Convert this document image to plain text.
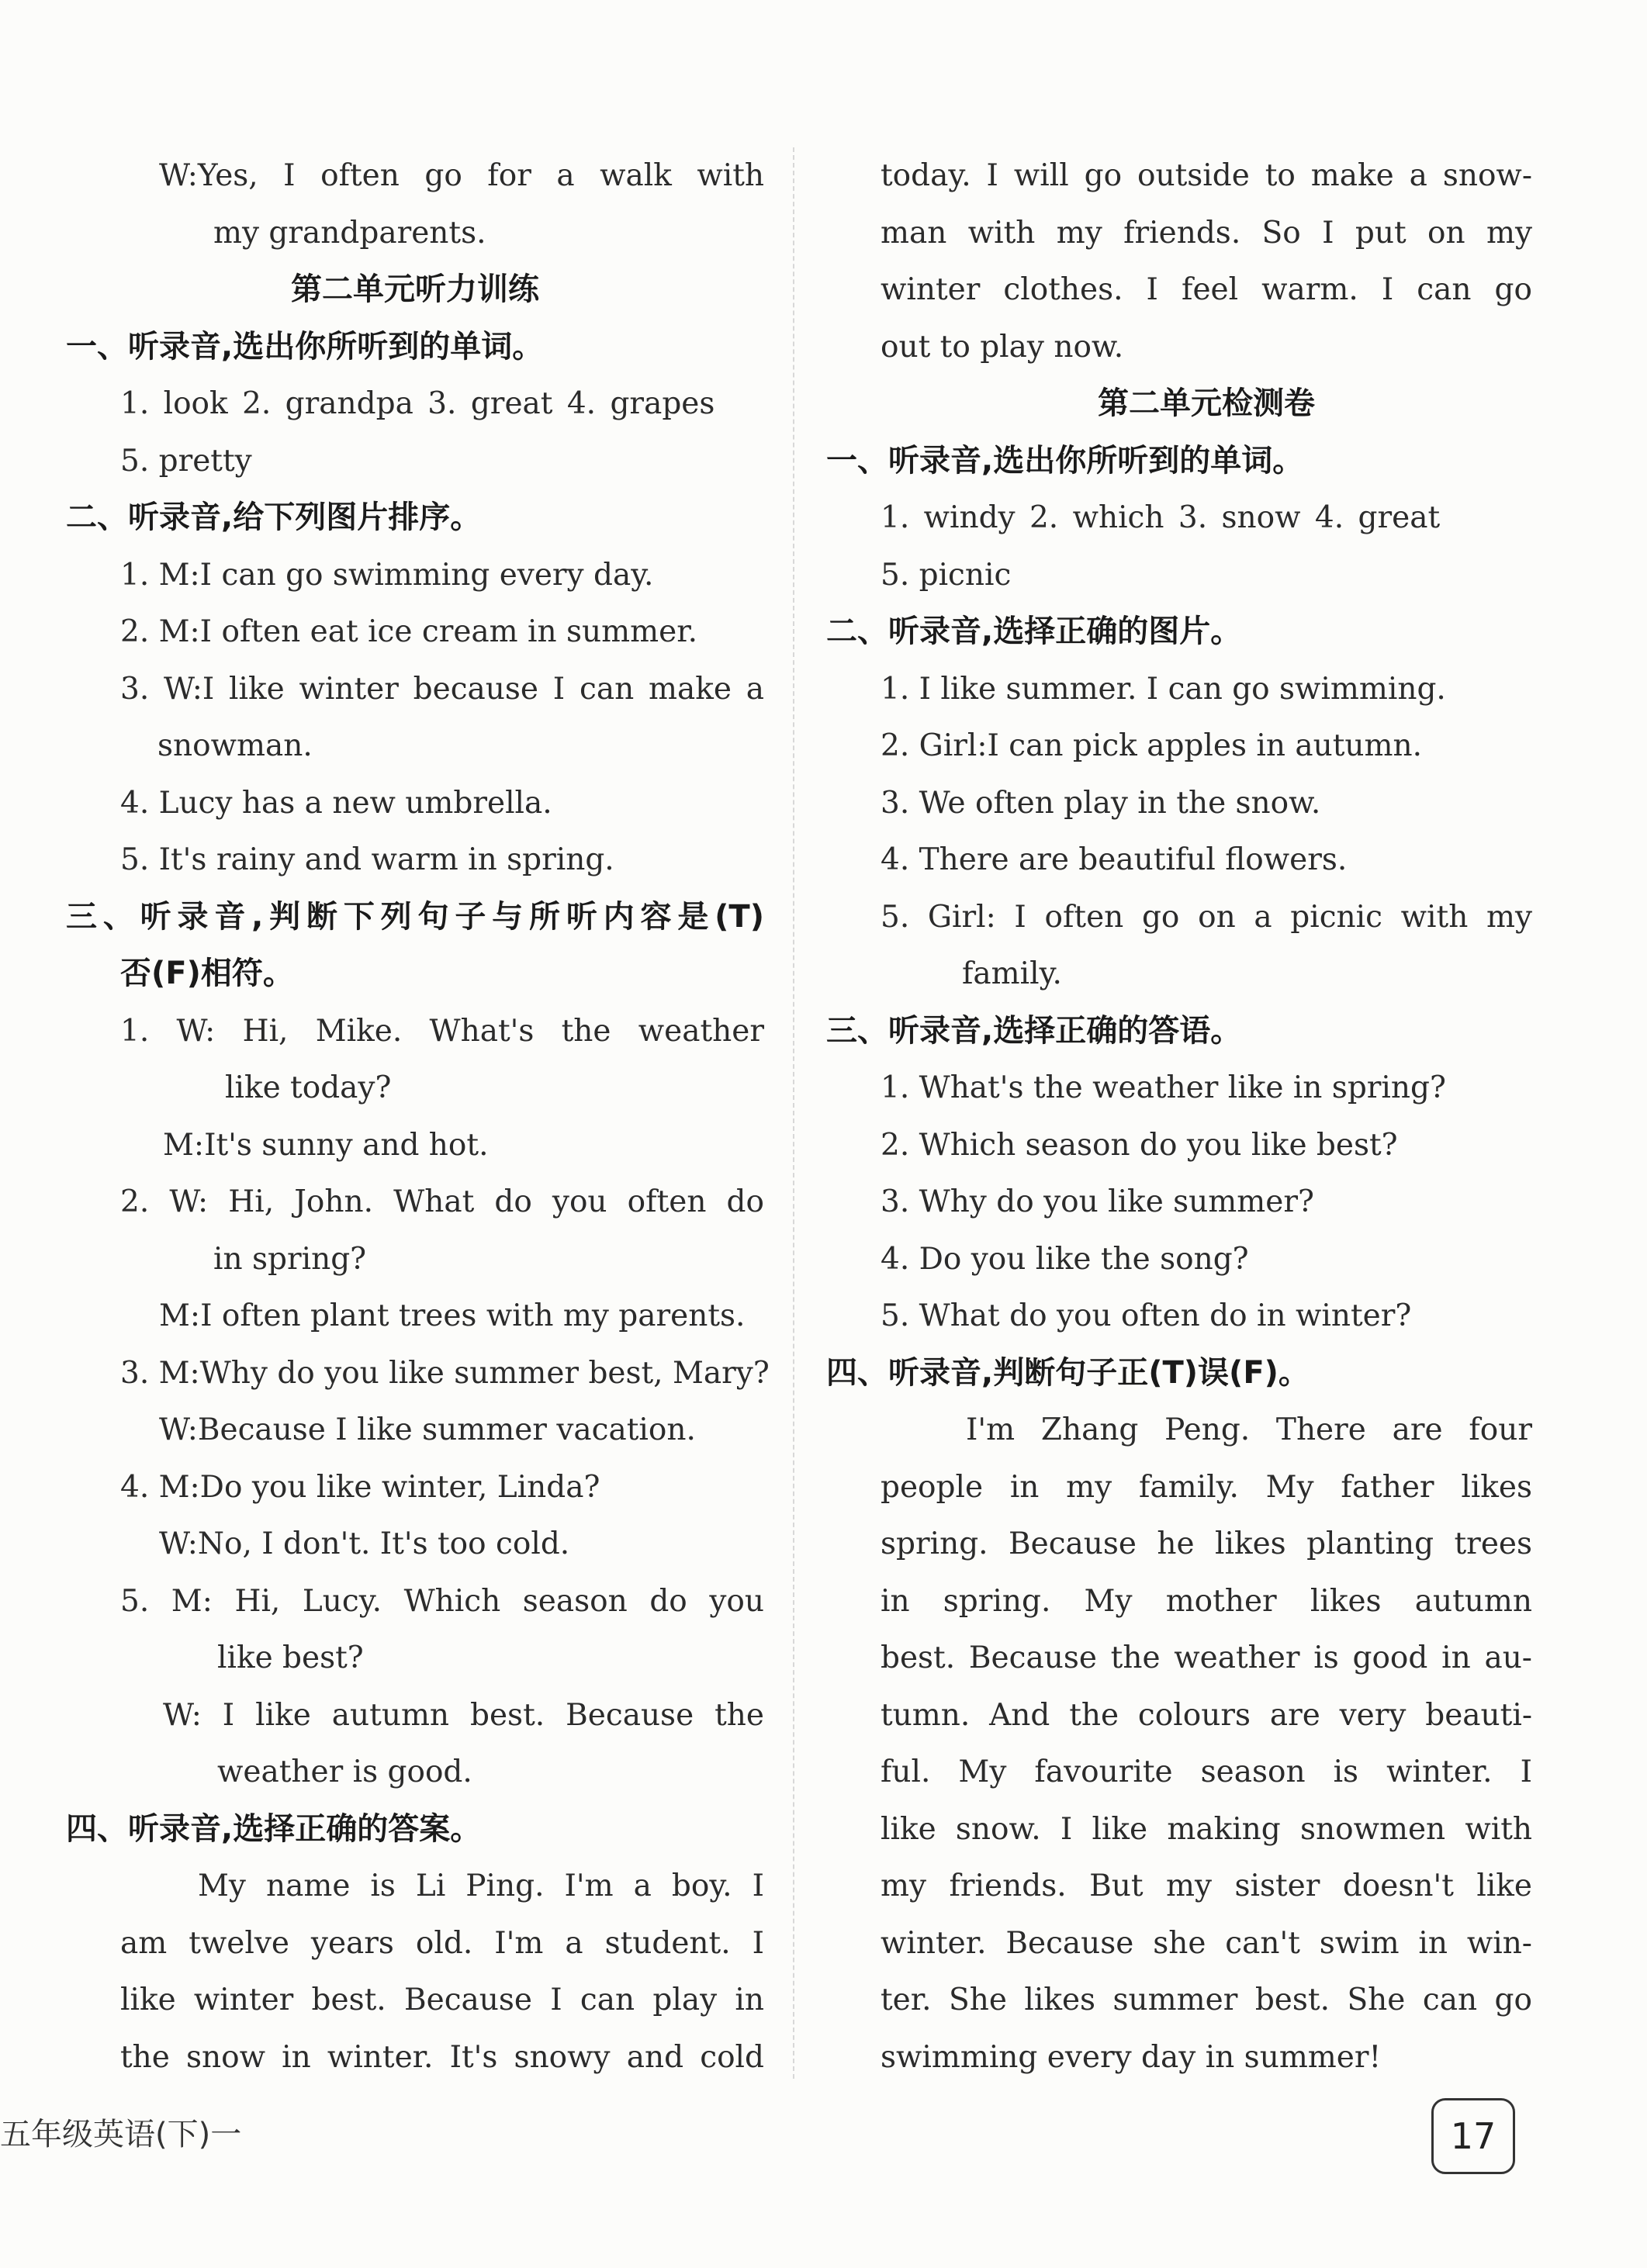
W:Yes, I often go for a walk with
my grandparents.
第二单元听力训练
一、听录音,选出你所听到的单词。
1. look 2. grandpa 3. great 4. grapes
5. pretty
二、听录音,给下列图片排序。
1. M:I can go swimming every day.
2. M:I often eat ice cream in summer.
3. W:I like winter because I can make a
snowman.
4. Lucy has a new umbrella.
5. It's rainy and warm in spring.
三、听录音,判断下列句子与所听内容是(T)
否(F)相符。
1. W: Hi, Mike. What's the weather
like today?
M:It's sunny and hot.
2. W: Hi, John. What do you often do
in spring?
M:I often plant trees with my parents.
3. M:Why do you like summer best, Mary?
W:Because I like summer vacation.
4. M:Do you like winter, Linda?
W:No, I don't. It's too cold.
5. M: Hi, Lucy. Which season do you
like best?
W: I like autumn best. Because the
weather is good.
四、听录音,选择正确的答案。
My name is Li Ping. I'm a boy. I
am twelve years old. I'm a student. I
like winter best. Because I can play in
the snow in winter. It's snowy and cold
today. I will go outside to make a snow-
man with my friends. So I put on my
winter clothes. I feel warm. I can go
out to play now.
第二单元检测卷
一、听录音,选出你所听到的单词。
1. windy 2. which 3. snow 4. great
5. picnic
二、听录音,选择正确的图片。
1. I like summer. I can go swimming.
2. Girl:I can pick apples in autumn.
3. We often play in the snow.
4. There are beautiful flowers.
5. Girl: I often go on a picnic with my
family.
三、听录音,选择正确的答语。
1. What's the weather like in spring?
2. Which season do you like best?
3. Why do you like summer?
4. Do you like the song?
5. What do you often do in winter?
四、听录音,判断句子正(T)误(F)。
I'm Zhang Peng. There are four
people in my family. My father likes
spring. Because he likes planting trees
in spring. My mother likes autumn
best. Because the weather is good in au-
tumn. And the colours are very beauti-
ful. My favourite season is winter. I
like snow. I like making snowmen with
my friends. But my sister doesn't like
winter. Because she can't swim in win-
ter. She likes summer best. She can go
swimming every day in summer!
五年级英语(下)一	17
